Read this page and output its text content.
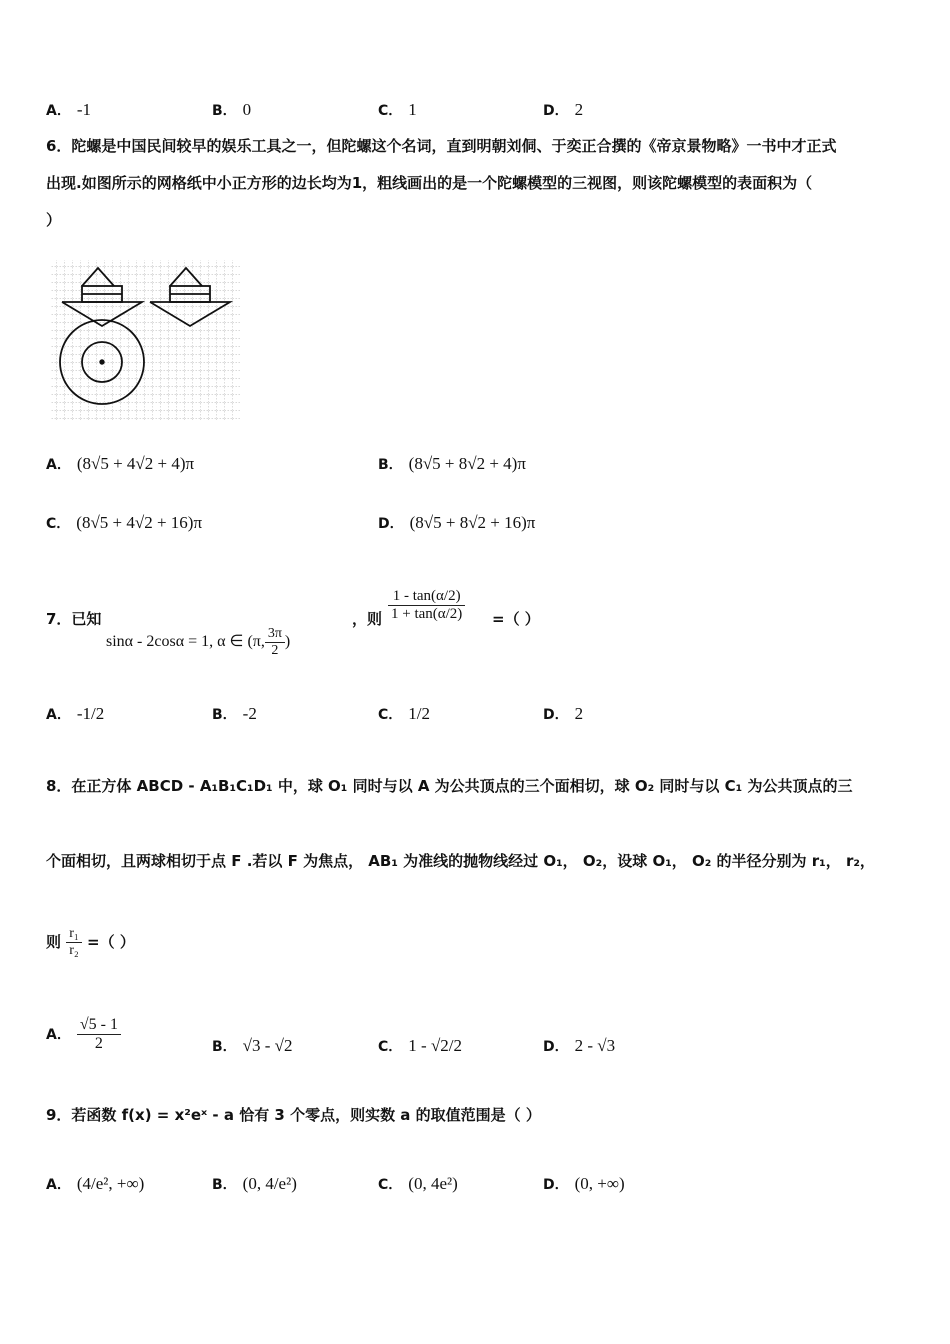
A． -1	B． 0	C． 1	D． 2
6．陀螺是中国民间较早的娱乐工具之一，但陀螺这个名词，直到明朝刘侗、于奕正合撰的《帝京景物略》一书中才正式
出现.如图所示的网格纸中小正方形的边长均为1，粗线画出的是一个陀螺模型的三视图，则该陀螺模型的表面积为（
）
A． (8√5 + 4√2 + 4)π	B． (8√5 + 8√2 + 4)π
C． (8√5 + 4√2 + 16)π	D． (8√5 + 8√2 + 16)π
7．已知
sinα - 2cosα = 1, α ∈ (π, $\frac{3\pi}{2}$ )
，则 $\frac{1 - \tan(\alpha/2)}{1 + \tan(\alpha/2)}$ =（ ）
A． -1/2	B． -2	C． 1/2	D． 2
8．在正方体 ABCD - A₁B₁C₁D₁ 中，球 O₁ 同时与以 A 为公共顶点的三个面相切，球 O₂ 同时与以 C₁ 为公共顶点的三
个面相切，且两球相切于点 F .若以 F 为焦点， AB₁ 为准线的抛物线经过 O₁， O₂，设球 O₁， O₂ 的半径分别为 r₁， r₂，
则 $\frac{\text{r₁}}{\text{r₂}}$ =（ ）
A． $\frac{√5 - 1}{2}$	B． √3 - √2	C． 1 - √2/2	D． 2 - √3
9．若函数 f(x) = x²eˣ - a 恰有 3 个零点，则实数 a 的取值范围是（ ）
A． (4/e², +∞)	B． (0, 4/e²)	C． (0, 4e²)	D． (0, +∞)
